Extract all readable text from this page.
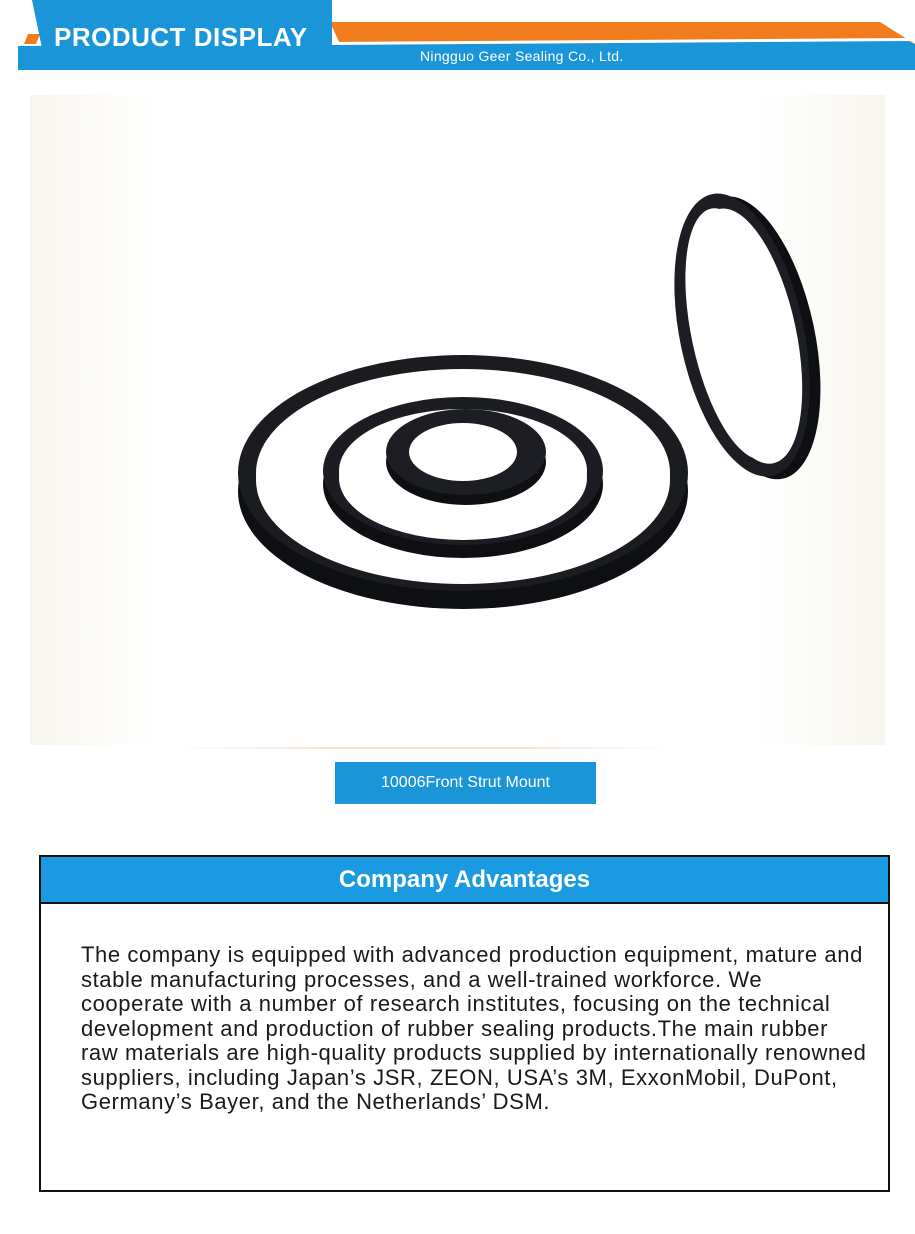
PRODUCT DISPLAY
Ningguo Geer Sealing Co., Ltd.
10006Front Strut Mount
Company Advantages

The company is equipped with advanced production equipment, mature and stable manufacturing processes, and a well-trained workforce. We cooperate with a number of research institutes, focusing on the technical development and production of rubber sealing products.The main rubber raw materials are high-quality products supplied by internationally renowned suppliers, including Japan’s JSR, ZEON, USA’s 3M, ExxonMobil, DuPont, Germany’s Bayer, and the Netherlands’ DSM.
